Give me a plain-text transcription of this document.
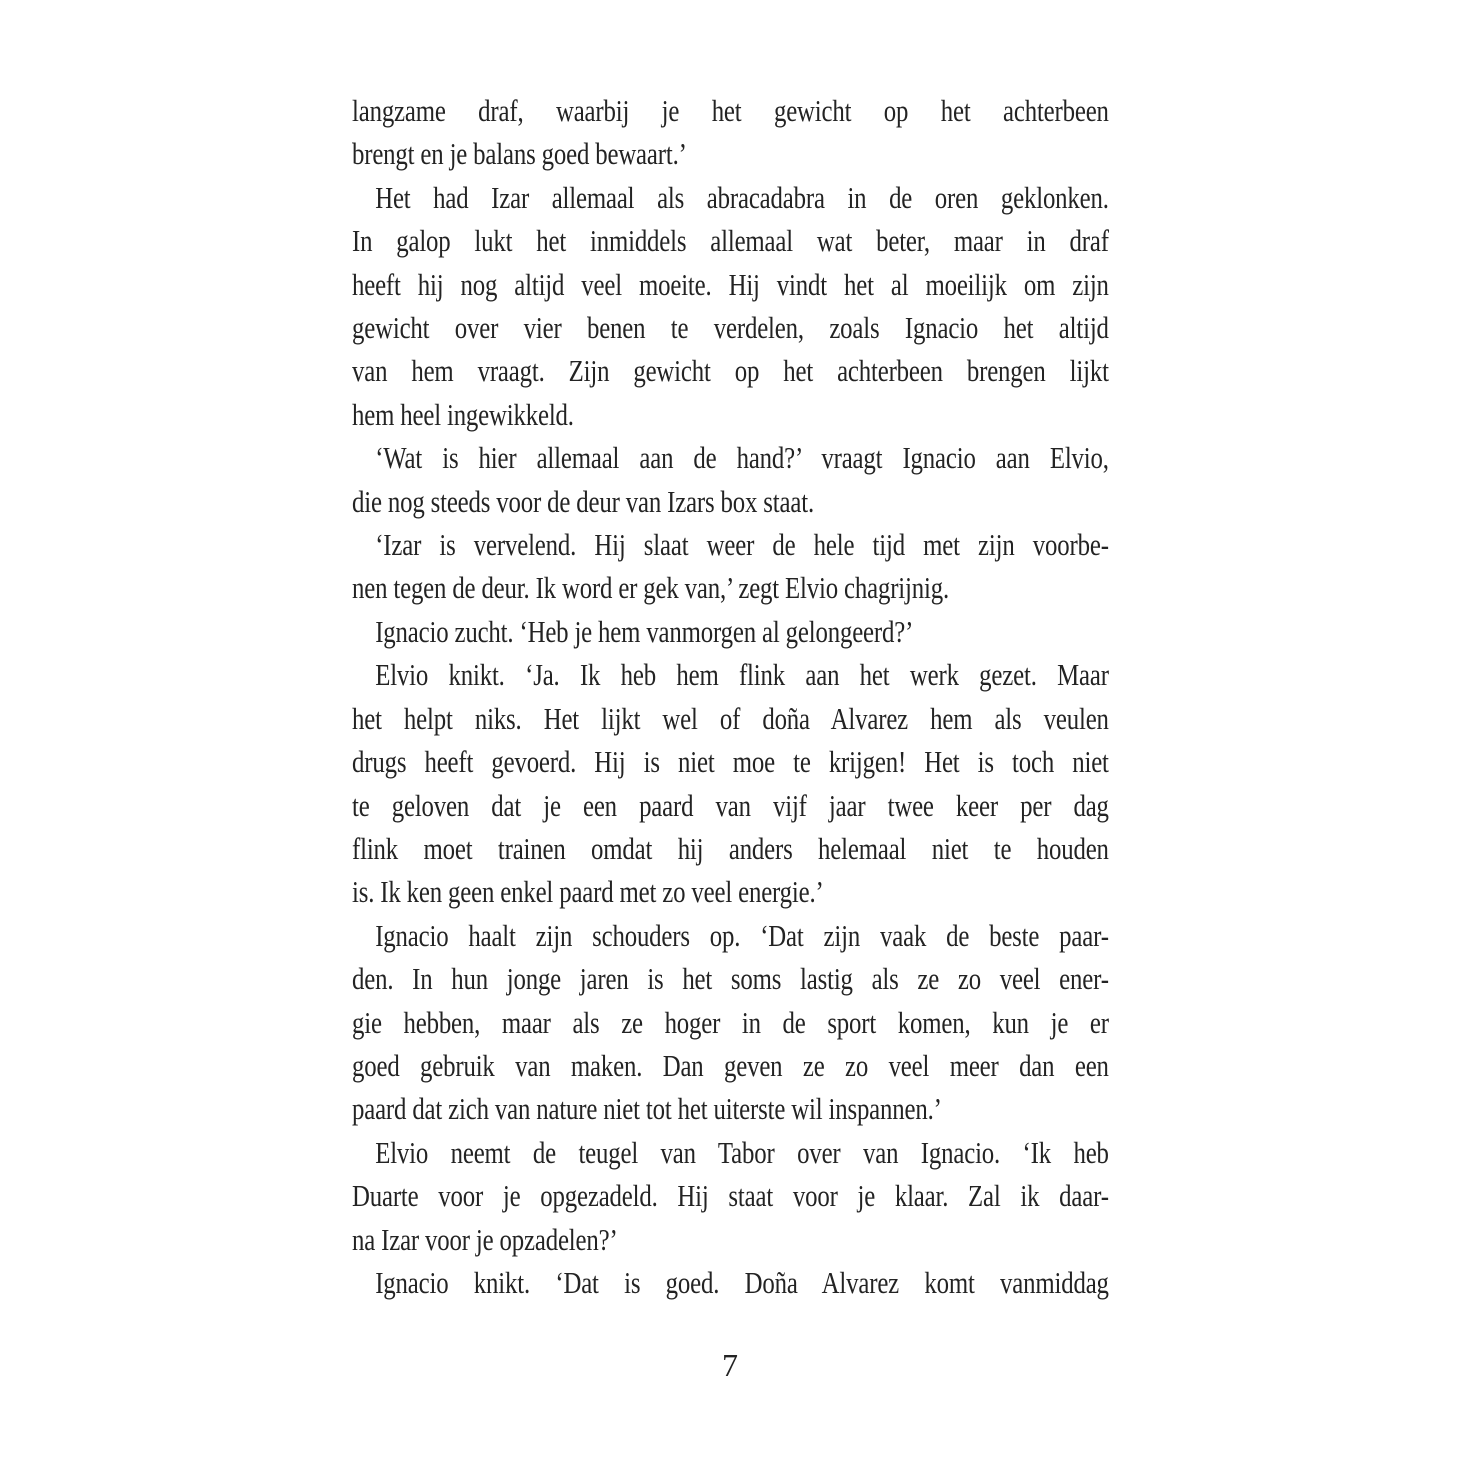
langzame draf, waarbij je het gewicht op het achterbeen
brengt en je balans goed bewaart.’
Het had Izar allemaal als abracadabra in de oren geklonken.
In galop lukt het inmiddels allemaal wat beter, maar in draf
heeft hij nog altijd veel moeite. Hij vindt het al moeilijk om zijn
gewicht over vier benen te verdelen, zoals Ignacio het altijd
van hem vraagt. Zijn gewicht op het achterbeen brengen lijkt
hem heel ingewikkeld.
‘Wat is hier allemaal aan de hand?’ vraagt Ignacio aan Elvio,
die nog steeds voor de deur van Izars box staat.
‘Izar is vervelend. Hij slaat weer de hele tijd met zijn voorbe-
nen tegen de deur. Ik word er gek van,’ zegt Elvio chagrijnig.
Ignacio zucht. ‘Heb je hem vanmorgen al gelongeerd?’
Elvio knikt. ‘Ja. Ik heb hem flink aan het werk gezet. Maar
het helpt niks. Het lijkt wel of doña Alvarez hem als veulen
drugs heeft gevoerd. Hij is niet moe te krijgen! Het is toch niet
te geloven dat je een paard van vijf jaar twee keer per dag
flink moet trainen omdat hij anders helemaal niet te houden
is. Ik ken geen enkel paard met zo veel energie.’
Ignacio haalt zijn schouders op. ‘Dat zijn vaak de beste paar-
den. In hun jonge jaren is het soms lastig als ze zo veel ener-
gie hebben, maar als ze hoger in de sport komen, kun je er
goed gebruik van maken. Dan geven ze zo veel meer dan een
paard dat zich van nature niet tot het uiterste wil inspannen.’
Elvio neemt de teugel van Tabor over van Ignacio. ‘Ik heb
Duarte voor je opgezadeld. Hij staat voor je klaar. Zal ik daar-
na Izar voor je opzadelen?’
Ignacio knikt. ‘Dat is goed. Doña Alvarez komt vanmiddag
7
